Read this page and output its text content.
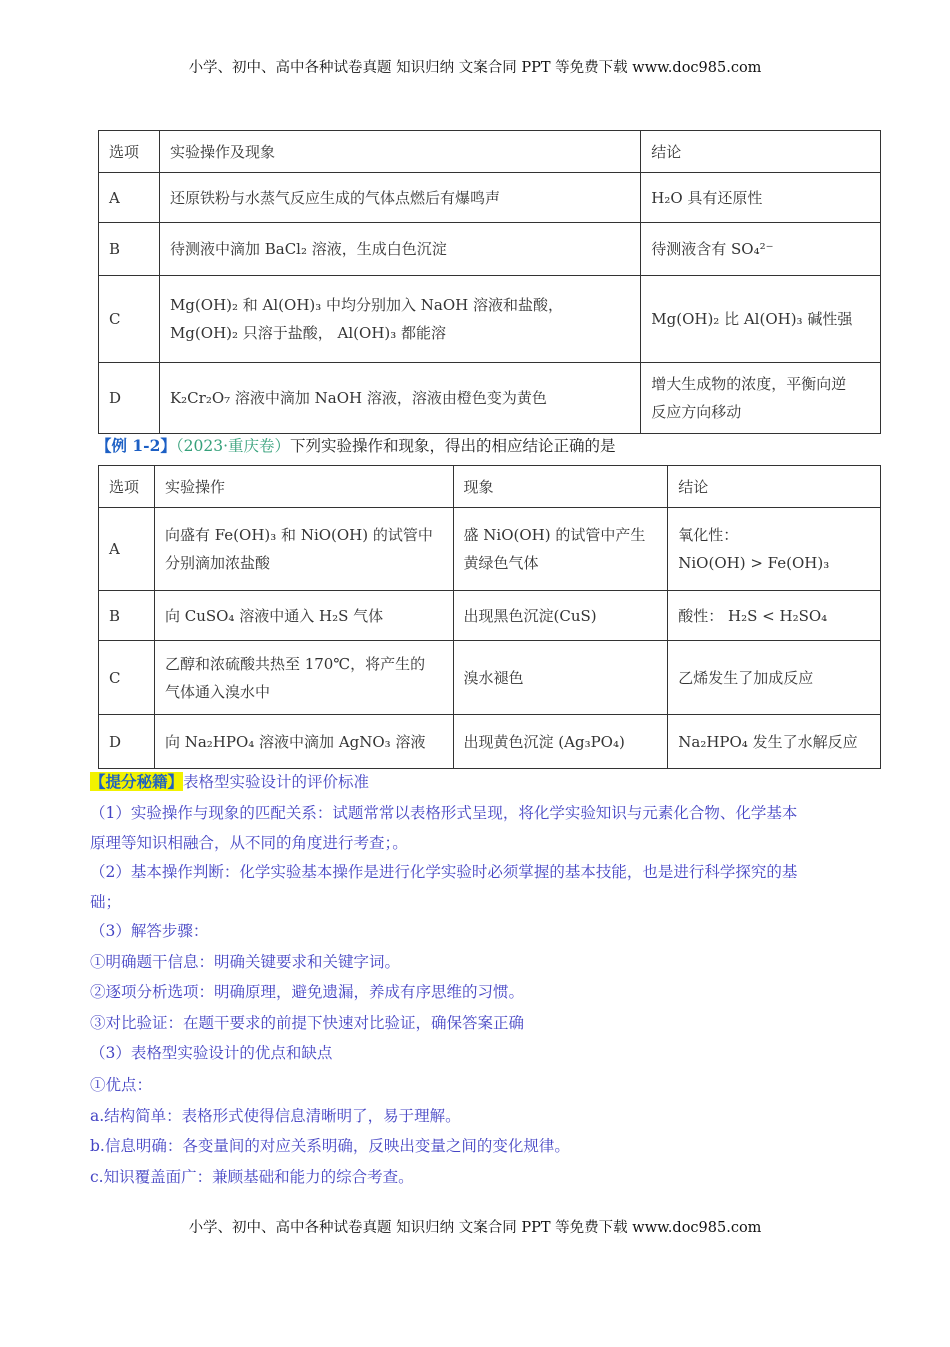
小学、初中、高中各种试卷真题 知识归纳 文案合同 PPT 等免费下载 www.doc985.com
选项	实验操作及现象	结论
A	还原铁粉与水蒸气反应生成的气体点燃后有爆鸣声	H₂O 具有还原性

B	待测液中滴加 BaCl₂ 溶液，生成白色沉淀	待测液含有 SO₄²⁻

C	Mg(OH)₂ 和 Al(OH)₃ 中均分别加入 NaOH 溶液和盐酸，
Mg(OH)₂ 只溶于盐酸， Al(OH)₃ 都能溶	Mg(OH)₂ 比 Al(OH)₃ 碱性强

D	K₂Cr₂O₇ 溶液中滴加 NaOH 溶液，溶液由橙色变为黄色	增大生成物的浓度，平衡向逆
反应方向移动
【例 1-2】（2023·重庆卷）下列实验操作和现象，得出的相应结论正确的是
选项	实验操作	现象	结论
A	向盛有 Fe(OH)₃ 和 NiO(OH) 的试管中
分别滴加浓盐酸	盛 NiO(OH) 的试管中产生
黄绿色气体	氧化性：
NiO(OH) > Fe(OH)₃

B	向 CuSO₄ 溶液中通入 H₂S 气体	出现黑色沉淀(CuS)	酸性： H₂S < H₂SO₄

C	乙醇和浓硫酸共热至 170℃，将产生的
气体通入溴水中	溴水褪色	乙烯发生了加成反应

D	向 Na₂HPO₄ 溶液中滴加 AgNO₃ 溶液	出现黄色沉淀 (Ag₃PO₄)	Na₂HPO₄ 发生了水解反应
【提分秘籍】表格型实验设计的评价标准
（1）实验操作与现象的匹配关系：试题常常以表格形式呈现，将化学实验知识与元素化合物、化学基本
原理等知识相融合，从不同的角度进行考查；。
（2）基本操作判断：化学实验基本操作是进行化学实验时必须掌握的基本技能，也是进行科学探究的基
础；
（3）解答步骤：
①明确题干信息：明确关键要求和关键字词。
②逐项分析选项：明确原理，避免遗漏，养成有序思维的习惯。
③对比验证：在题干要求的前提下快速对比验证，确保答案正确
（3）表格型实验设计的优点和缺点
①优点：
a.结构简单：表格形式使得信息清晰明了，易于理解。
b.信息明确：各变量间的对应关系明确，反映出变量之间的变化规律。
c.知识覆盖面广：兼顾基础和能力的综合考查。
小学、初中、高中各种试卷真题 知识归纳 文案合同 PPT 等免费下载 www.doc985.com
